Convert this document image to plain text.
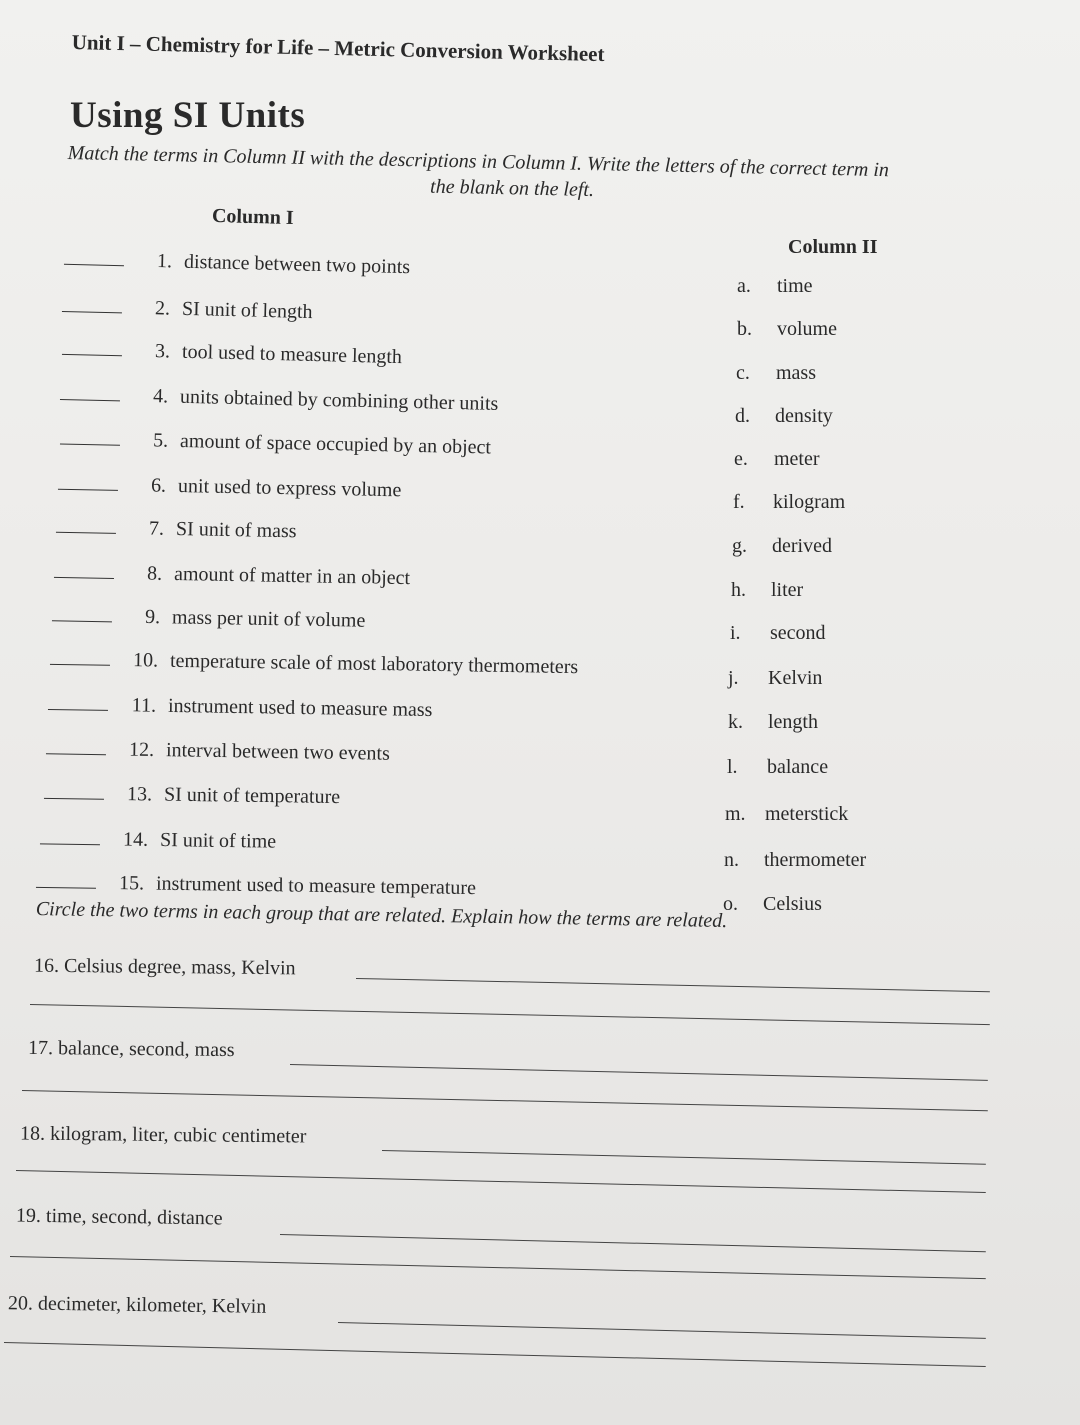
Unit I – Chemistry for Life – Metric Conversion Worksheet
Using SI Units
Match the terms in Column II with the descriptions in Column I. Write the letters of the correct term in
the blank on the left.
Column I
Column II
1. distance between two points
2. SI unit of length
3. tool used to measure length
4. units obtained by combining other units
5. amount of space occupied by an object
6. unit used to express volume
7. SI unit of mass
8. amount of matter in an object
9. mass per unit of volume
10. temperature scale of most laboratory thermometers
11. instrument used to measure mass
12. interval between two events
13. SI unit of temperature
14. SI unit of time
15. instrument used to measure temperature
a.	time
b.	volume
c.	mass
d.	density
e.	meter
f.	kilogram
g.	derived
h.	liter
i.	second
j.	Kelvin
k.	length
l.	balance
m. meterstick
n.	thermometer
o.	Celsius
Circle the two terms in each group that are related. Explain how the terms are related.
16. Celsius degree, mass, Kelvin
17. balance, second, mass
18. kilogram, liter, cubic centimeter
19. time, second, distance
20. decimeter, kilometer, Kelvin
